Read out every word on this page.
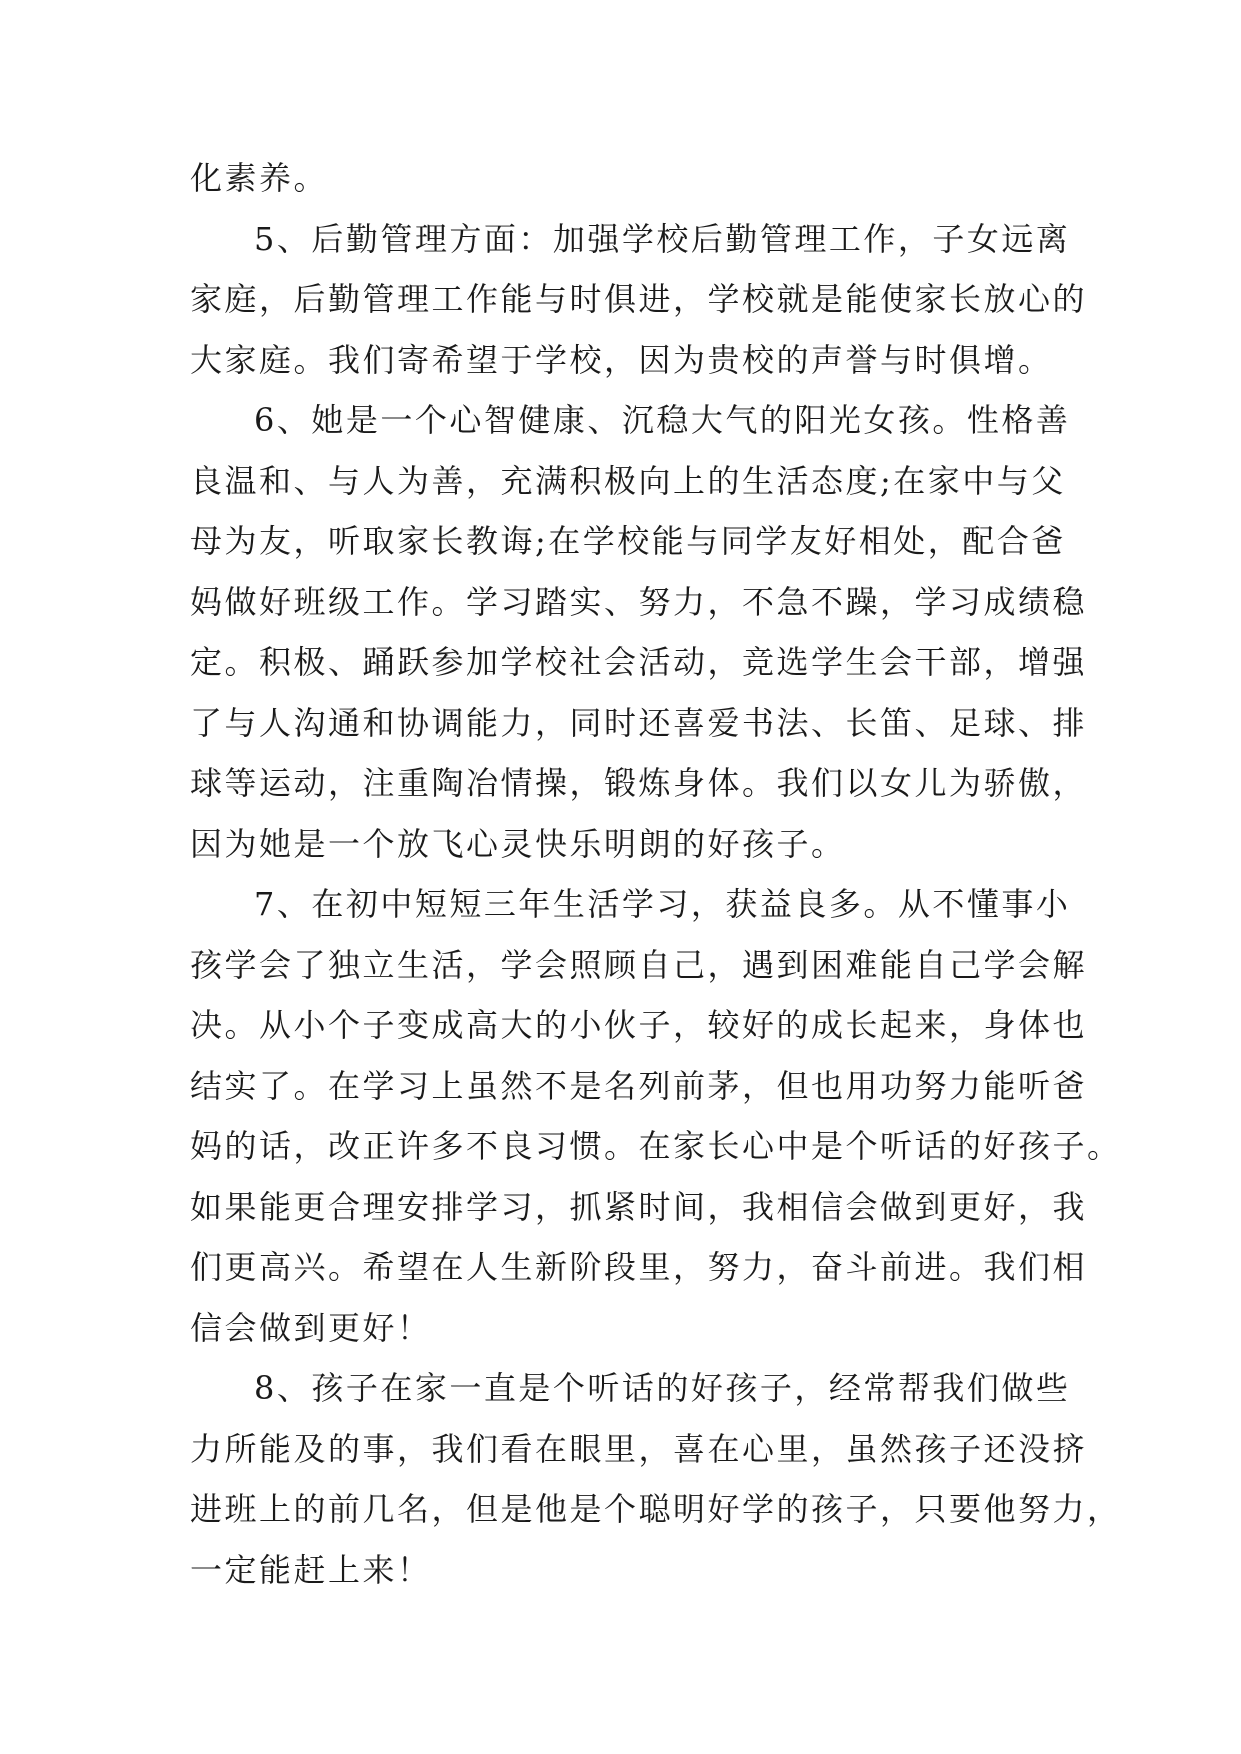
化素养。
5、后勤管理方面：加强学校后勤管理工作，子女远离
家庭，后勤管理工作能与时俱进，学校就是能使家长放心的
大家庭。我们寄希望于学校，因为贵校的声誉与时俱增。
6、她是一个心智健康、沉稳大气的阳光女孩。性格善
良温和、与人为善，充满积极向上的生活态度;在家中与父
母为友，听取家长教诲;在学校能与同学友好相处，配合爸
妈做好班级工作。学习踏实、努力，不急不躁，学习成绩稳
定。积极、踊跃参加学校社会活动，竞选学生会干部，增强
了与人沟通和协调能力，同时还喜爱书法、长笛、足球、排
球等运动，注重陶冶情操，锻炼身体。我们以女儿为骄傲，
因为她是一个放飞心灵快乐明朗的好孩子。
7、在初中短短三年生活学习，获益良多。从不懂事小
孩学会了独立生活，学会照顾自己，遇到困难能自己学会解
决。从小个子变成高大的小伙子，较好的成长起来，身体也
结实了。在学习上虽然不是名列前茅，但也用功努力能听爸
妈的话，改正许多不良习惯。在家长心中是个听话的好孩子。
如果能更合理安排学习，抓紧时间，我相信会做到更好，我
们更高兴。希望在人生新阶段里，努力，奋斗前进。我们相
信会做到更好！
8、孩子在家一直是个听话的好孩子，经常帮我们做些
力所能及的事，我们看在眼里，喜在心里，虽然孩子还没挤
进班上的前几名，但是他是个聪明好学的孩子，只要他努力，
一定能赶上来！
